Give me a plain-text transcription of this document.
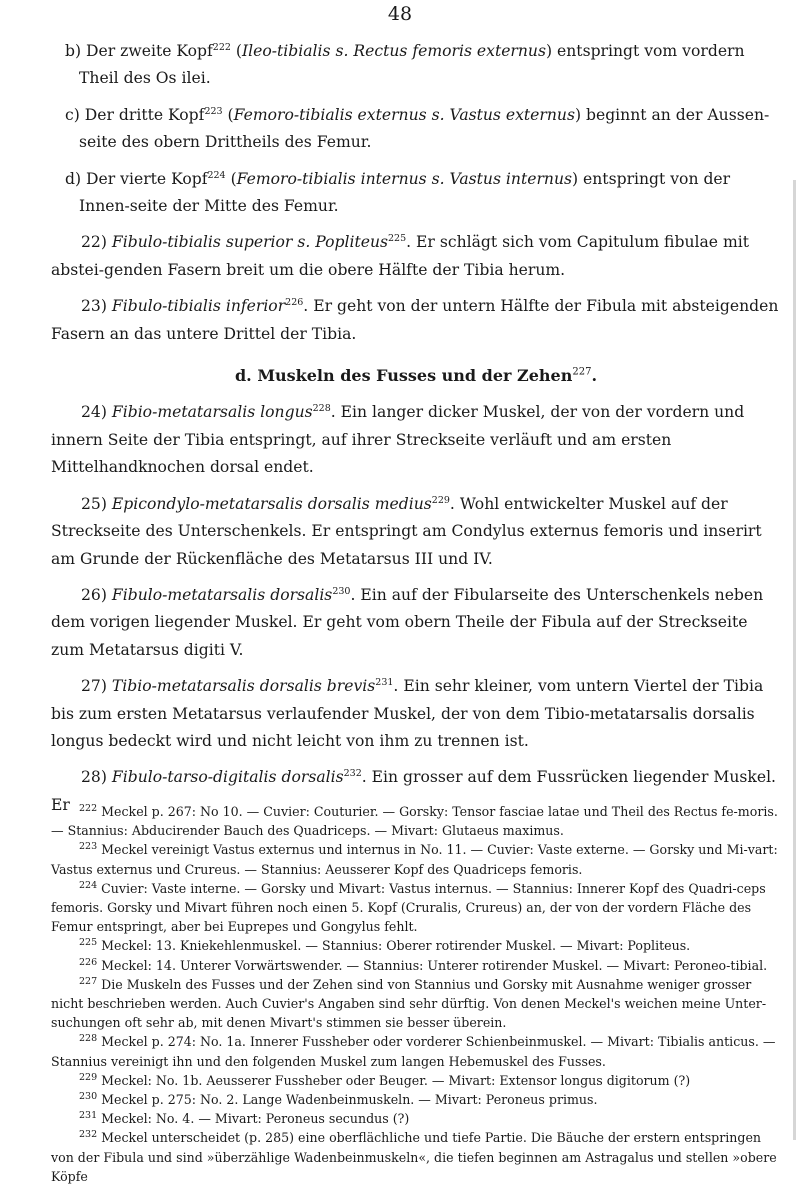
48

b) Der zweite Kopf$^{222}$ (Ileo-tibialis s. Rectus femoris externus) entspringt vom vordern Theil des Os ilei.

c) Der dritte Kopf$^{223}$ (Femoro-tibialis externus s. Vastus externus) beginnt an der Aussen-seite des obern Drittheils des Femur.

d) Der vierte Kopf$^{224}$ (Femoro-tibialis internus s. Vastus internus) entspringt von der Innen-seite der Mitte des Femur.

22) Fibulo-tibialis superior s. Popliteus$^{225}$. Er schlägt sich vom Capitulum fibulae mit abstei-genden Fasern breit um die obere Hälfte der Tibia herum.

23) Fibulo-tibialis inferior$^{226}$. Er geht von der untern Hälfte der Fibula mit absteigenden Fasern an das untere Drittel der Tibia.

d. Muskeln des Fusses und der Zehen$^{227}$.

24) Fibio-metatarsalis longus$^{228}$. Ein langer dicker Muskel, der von der vordern und innern Seite der Tibia entspringt, auf ihrer Streckseite verläuft und am ersten Mittelhandknochen dorsal endet.

25) Epicondylo-metatarsalis dorsalis medius$^{229}$. Wohl entwickelter Muskel auf der Streckseite des Unterschenkels. Er entspringt am Condylus externus femoris und inserirt am Grunde der Rückenfläche des Metatarsus III und IV.

26) Fibulo-metatarsalis dorsalis$^{230}$. Ein auf der Fibularseite des Unterschenkels neben dem vorigen liegender Muskel. Er geht vom obern Theile der Fibula auf der Streckseite zum Metatarsus digiti V.

27) Tibio-metatarsalis dorsalis brevis$^{231}$. Ein sehr kleiner, vom untern Viertel der Tibia bis zum ersten Metatarsus verlaufender Muskel, der von dem Tibio-metatarsalis dorsalis longus bedeckt wird und nicht leicht von ihm zu trennen ist.

28) Fibulo-tarso-digitalis dorsalis$^{232}$. Ein grosser auf dem Fussrücken liegender Muskel. Er $^{222}$ Meckel p. 267: No 10. — Cuvier: Couturier. — Gorsky: Tensor fasciae latae und Theil des Rectus fe-moris. — Stannius: Abducirender Bauch des Quadriceps. — Mivart: Glutaeus maximus.

$^{223}$ Meckel vereinigt Vastus externus und internus in No. 11. — Cuvier: Vaste externe. — Gorsky und Mi-vart: Vastus externus und Crureus. — Stannius: Aeusserer Kopf des Quadriceps femoris.

$^{224}$ Cuvier: Vaste interne. — Gorsky und Mivart: Vastus internus. — Stannius: Innerer Kopf des Quadri-ceps femoris. Gorsky und Mivart führen noch einen 5. Kopf (Cruralis, Crureus) an, der von der vordern Fläche des Femur entspringt, aber bei Euprepes und Gongylus fehlt.

$^{225}$ Meckel: 13. Kniekehlenmuskel. — Stannius: Oberer rotirender Muskel. — Mivart: Popliteus.

$^{226}$ Meckel: 14. Unterer Vorwärtswender. — Stannius: Unterer rotirender Muskel. — Mivart: Peroneo-tibial.

$^{227}$ Die Muskeln des Fusses und der Zehen sind von Stannius und Gorsky mit Ausnahme weniger grosser nicht beschrieben werden. Auch Cuvier's Angaben sind sehr dürftig. Von denen Meckel's weichen meine Unter-suchungen oft sehr ab, mit denen Mivart's stimmen sie besser überein.

$^{228}$ Meckel p. 274: No. 1a. Innerer Fussheber oder vorderer Schienbeinmuskel. — Mivart: Tibialis anticus. — Stannius vereinigt ihn und den folgenden Muskel zum langen Hebemuskel des Fusses.

$^{229}$ Meckel: No. 1b. Aeusserer Fussheber oder Beuger. — Mivart: Extensor longus digitorum (?)

$^{230}$ Meckel p. 275: No. 2. Lange Wadenbeinmuskeln. — Mivart: Peroneus primus.

$^{231}$ Meckel: No. 4. — Mivart: Peroneus secundus (?)

$^{232}$ Meckel unterscheidet (p. 285) eine oberflächliche und tiefe Partie. Die Bäuche der erstern entspringen von der Fibula und sind »überzählige Wadenbeinmuskeln«, die tiefen beginnen am Astragalus und stellen »obere Köpfe
